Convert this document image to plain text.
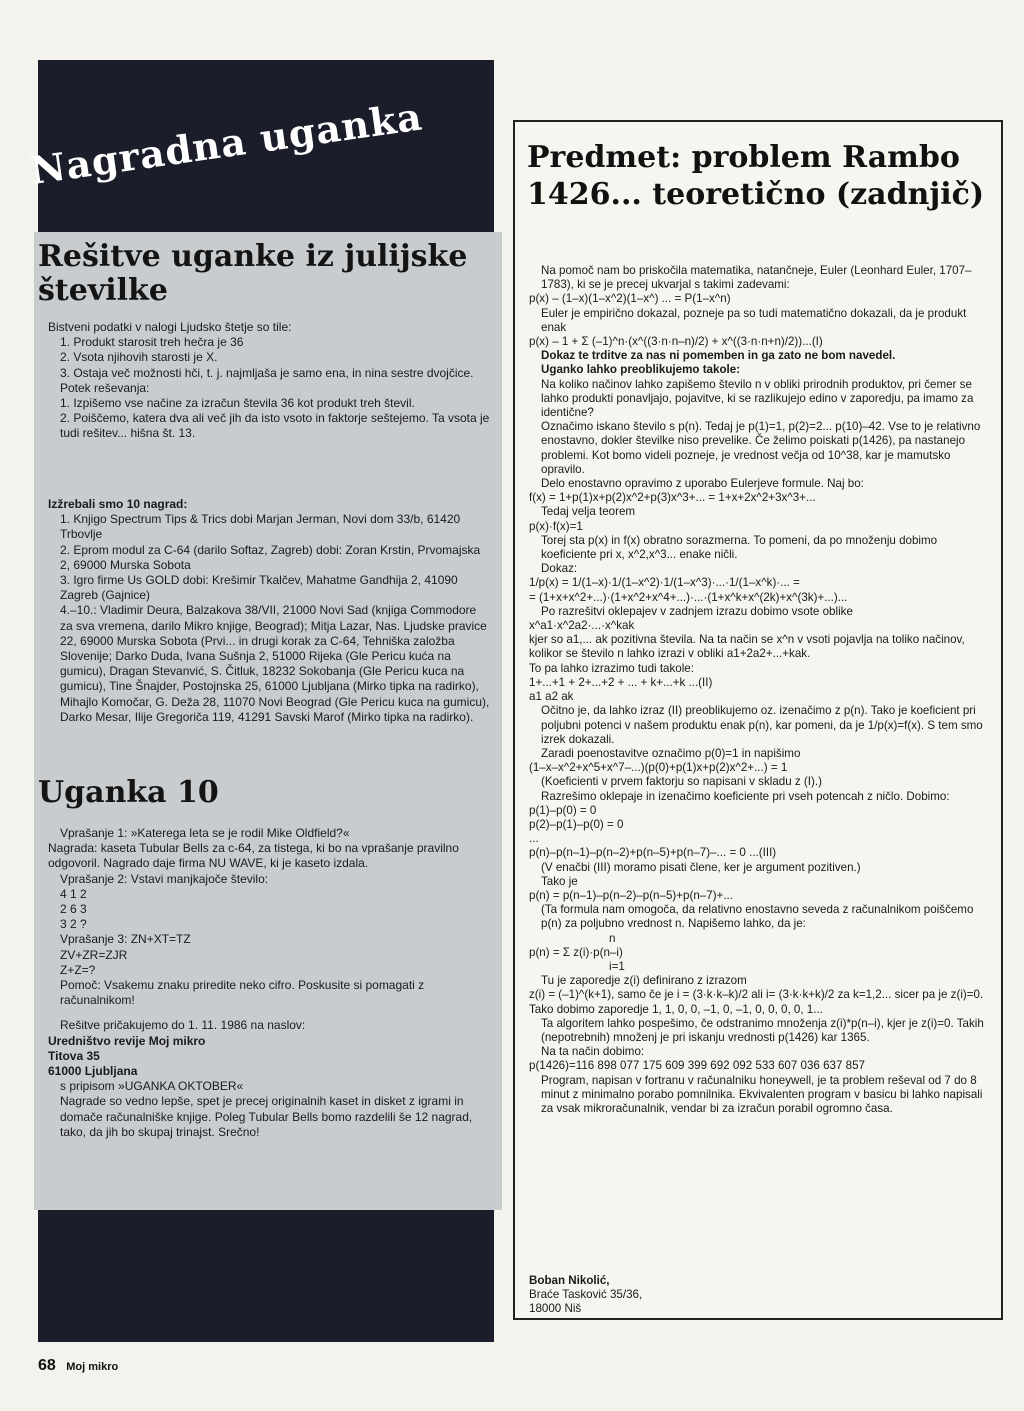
Nagradna uganka
Rešitve uganke iz julijske številke

Bistveni podatki v nalogi Ljudsko štetje so tile:

1. Produkt starosit treh hečra je 36

2. Vsota njihovih starosti je X.

3. Ostaja več možnosti hči, t. j. najmljaša je samo ena, in nina sestre dvojčice.

Potek reševanja:

1. Izpišemo vse načine za izračun števila 36 kot produkt treh števil.

2. Poiščemo, katera dva ali več jih da isto vsoto in faktorje seštejemo. Ta vsota je tudi rešitev... hišna št. 13.

Izžrebali smo 10 nagrad:

1. Knjigo Spectrum Tips & Trics dobi Marjan Jerman, Novi dom 33/b, 61420 Trbovlje

2. Eprom modul za C-64 (darilo Softaz, Zagreb) dobi: Zoran Krstin, Prvomajska 2, 69000 Murska Sobota

3. Igro firme Us GOLD dobi: Krešimir Tkalčev, Mahatme Gandhija 2, 41090 Zagreb (Gajnice)

4.–10.: Vladimir Deura, Balzakova 38/VII, 21000 Novi Sad (knjiga Commodore za sva vremena, darilo Mikro knjige, Beograd); Mitja Lazar, Nas. Ljudske pravice 22, 69000 Murska Sobota (Prvi... in drugi korak za C-64, Tehniška založba Slovenije; Darko Duda, Ivana Sušnja 2, 51000 Rijeka (Gle Pericu kuća na gumicu), Dragan Stevanvić, S. Čitluk, 18232 Sokobanja (Gle Pericu kuca na gumicu), Tine Šnajder, Postojnska 25, 61000 Ljubljana (Mirko tipka na radirko), Mihajlo Komočar, G. Deža 28, 11070 Novi Beograd (Gle Pericu kuca na gumicu), Darko Mesar, Ilije Gregoriča 119, 41291 Savski Marof (Mirko tipka na radirko).

Uganka 10

Vprašanje 1: »Katerega leta se je rodil Mike Oldfield?«

Nagrada: kaseta Tubular Bells za c-64, za tistega, ki bo na vprašanje pravilno odgovoril. Nagrado daje firma NU WAVE, ki je kaseto izdala.

Vprašanje 2: Vstavi manjkajoče število:

4 1 2

2 6 3

3 2 ?

Vprašanje 3: ZN+XT=TZ

ZV+ZR=ZJR

Z+Z=?

Pomoč: Vsakemu znaku priredite neko cifro. Poskusite si pomagati z računalnikom!

Rešitve pričakujemo do 1. 11. 1986 na naslov:

Uredništvo revije Moj mikro

Titova 35

61000 Ljubljana

s pripisom »UGANKA OKTOBER«

Nagrade so vedno lepše, spet je precej originalnih kaset in disket z igrami in domače računalniške knjige. Poleg Tubular Bells bomo razdelili še 12 nagrad, tako, da jih bo skupaj trinajst. Srečno!

Predmet: problem Rambo 1426... teoretično (zadnjič)

Na pomoč nam bo priskočila matematika, natančneje, Euler (Leonhard Euler, 1707–1783), ki se je precej ukvarjal s takimi zadevami:

p(x) – (1–x)(1–x^2)(1–x^) ... = P(1–x^n)

Euler je empirično dokazal, pozneje pa so tudi matematično dokazali, da je produkt enak

p(x) – 1 + Σ (–1)^n·(x^((3·n·n–n)/2) + x^((3·n·n+n)/2))...(I)

Dokaz te trditve za nas ni pomemben in ga zato ne bom navedel.

Uganko lahko preoblikujemo takole:

Na koliko načinov lahko zapišemo število n v obliki prirodnih produktov, pri čemer se lahko produkti ponavljajo, pojavitve, ki se razlikujejo edino v zaporedju, pa imamo za identične?

Označimo iskano število s p(n). Tedaj je p(1)=1, p(2)=2... p(10)–42. Vse to je relativno enostavno, dokler številke niso prevelike. Če želimo poiskati p(1426), pa nastanejo problemi. Kot bomo videli pozneje, je vrednost večja od 10^38, kar je mamutsko opravilo.

Delo enostavno opravimo z uporabo Eulerjeve formule. Naj bo:

f(x) = 1+p(1)x+p(2)x^2+p(3)x^3+... = 1+x+2x^2+3x^3+...

Tedaj velja teorem

p(x)·f(x)=1

Torej sta p(x) in f(x) obratno sorazmerna. To pomeni, da po množenju dobimo koeficiente pri x, x^2,x^3... enake ničli.

Dokaz:

1/p(x) = 1/(1–x)·1/(1–x^2)·1/(1–x^3)·...·1/(1–x^k)·... =

= (1+x+x^2+...)·(1+x^2+x^4+...)·...·(1+x^k+x^(2k)+x^(3k)+...)...

Po razrešitvi oklepajev v zadnjem izrazu dobimo vsote oblike

x^a1·x^2a2·...·x^kak

kjer so a1,... ak pozitivna števila. Na ta način se x^n v vsoti pojavlja na toliko načinov, kolikor se število n lahko izrazi v obliki a1+2a2+...+kak.

To pa lahko izrazimo tudi takole:

1+...+1 + 2+...+2 + ... + k+...+k ...(II)

a1 a2 ak

Očitno je, da lahko izraz (II) preoblikujemo oz. izenačimo z p(n). Tako je koeficient pri poljubni potenci v našem produktu enak p(n), kar pomeni, da je 1/p(x)=f(x). S tem smo izrek dokazali.

Zaradi poenostavitve označimo p(0)=1 in napišimo

(1–x–x^2+x^5+x^7–...)(p(0)+p(1)x+p(2)x^2+...) = 1

(Koeficienti v prvem faktorju so napisani v skladu z (I).)

Razrešimo oklepaje in izenačimo koeficiente pri vseh potencah z ničlo. Dobimo:

p(1)–p(0) = 0

p(2)–p(1)–p(0) = 0

...

p(n)–p(n–1)–p(n–2)+p(n–5)+p(n–7)–... = 0 ...(III)

(V enačbi (III) moramo pisati člene, ker je argument pozitiven.)

Tako je

p(n) = p(n–1)–p(n–2)–p(n–5)+p(n–7)+...

(Ta formula nam omogoča, da relativno enostavno seveda z računalnikom poiščemo p(n) za poljubno vrednost n. Napišemo lahko, da je:

n

p(n) = Σ z(i)·p(n–i)

i=1

Tu je zaporedje z(i) definirano z izrazom

z(i) = (–1)^(k+1), samo če je i = (3·k·k–k)/2 ali i= (3·k·k+k)/2 za k=1,2... sicer pa je z(i)=0. Tako dobimo zaporedje 1, 1, 0, 0, –1, 0, –1, 0, 0, 0, 0, 1...

Ta algoritem lahko pospešimo, če odstranimo množenja z(i)*p(n–i), kjer je z(i)=0. Takih (nepotrebnih) množenj je pri iskanju vrednosti p(1426) kar 1365.

Na ta način dobimo:

p(1426)=116 898 077 175 609 399 692 092 533 607 036 637 857

Program, napisan v fortranu v računalniku honeywell, je ta problem reševal od 7 do 8 minut z minimalno porabo pomnilnika. Ekvivalenten program v basicu bi lahko napisali za vsak mikroračunalnik, vendar bi za izračun porabil ogromno časa.

Boban Nikolić,

Braće Tasković 35/36,

18000 Niš

68 Moj mikro
